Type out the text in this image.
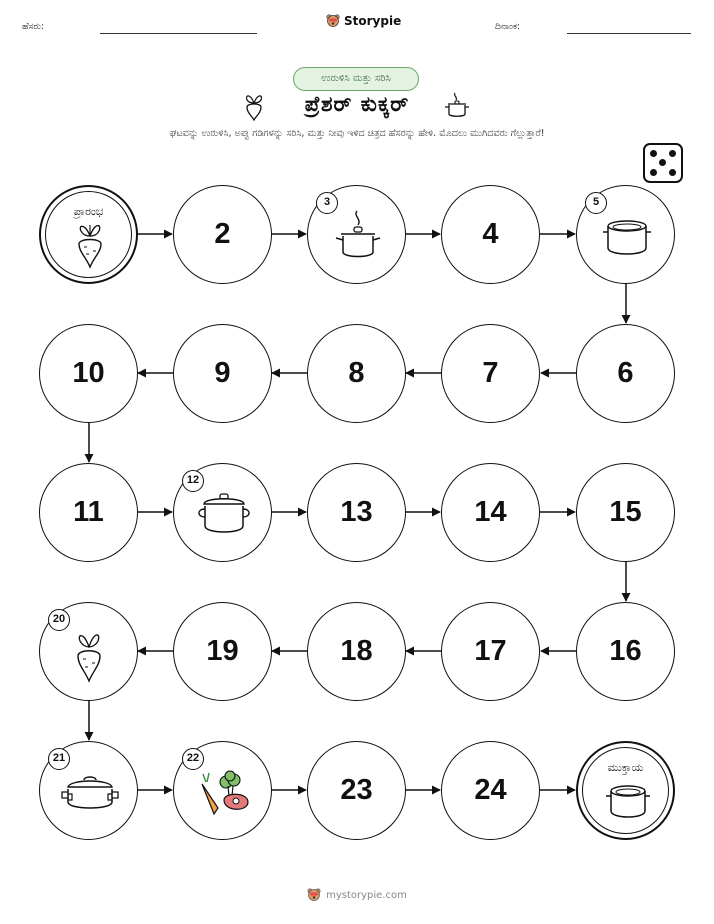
ಹೆಸರು:	Storypie	ದಿನಾಂಕ:
ಉರುಳಿಸಿ ಮತ್ತು ಸರಿಸಿ
ಪ್ರೆಶರ್ ಕುಕ್ಕರ್
ಘಟವನ್ನು ಉರುಳಿಸಿ, ಅಪ್ಪು ಗಡಿಗಳನ್ನು ಸರಿಸಿ, ಮತ್ತು ನೀವು ಇಳಿದ ಚಿತ್ರದ ಹೆಸರನ್ನು ಹೇಳಿ. ಮೊದಲು ಮುಗಿದವರು ಗೆಲ್ಲುತ್ತಾರೆ!
ಪ್ರಾರಂಭ
2
3
4
5
10	9	8	7	6
11
12
13	14	15
20
19	18	17	16
21	22
23	24
ಮುಕ್ತಾಯ
mystorypie.com
